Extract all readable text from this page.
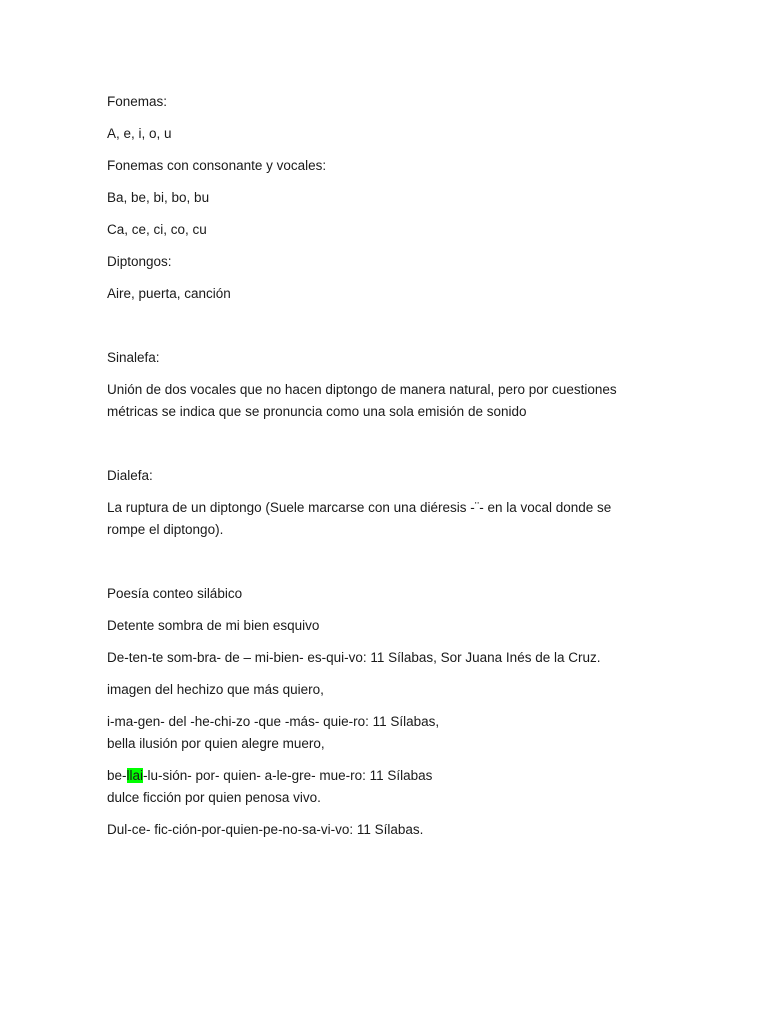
Fonemas:
A, e, i, o, u
Fonemas con consonante y vocales:
Ba, be, bi, bo, bu
Ca, ce, ci, co, cu
Diptongos:
Aire, puerta, canción
Sinalefa:
Unión de dos vocales que no hacen diptongo de manera natural, pero por cuestiones
métricas se indica que se pronuncia como una sola emisión de sonido
Dialefa:
La ruptura de un diptongo (Suele marcarse con una diéresis -¨- en la vocal donde se
rompe el diptongo).
Poesía conteo silábico
Detente sombra de mi bien esquivo
De-ten-te som-bra- de – mi-bien- es-qui-vo: 11 Sílabas, Sor Juana Inés de la Cruz.
imagen del hechizo que más quiero,
i-ma-gen- del -he-chi-zo -que -más- quie-ro: 11 Sílabas,
bella ilusión por quien alegre muero,
be-llai-lu-sión- por- quien- a-le-gre- mue-ro: 11 Sílabas
dulce ficción por quien penosa vivo.
Dul-ce- fic-ción-por-quien-pe-no-sa-vi-vo: 11 Sílabas.
